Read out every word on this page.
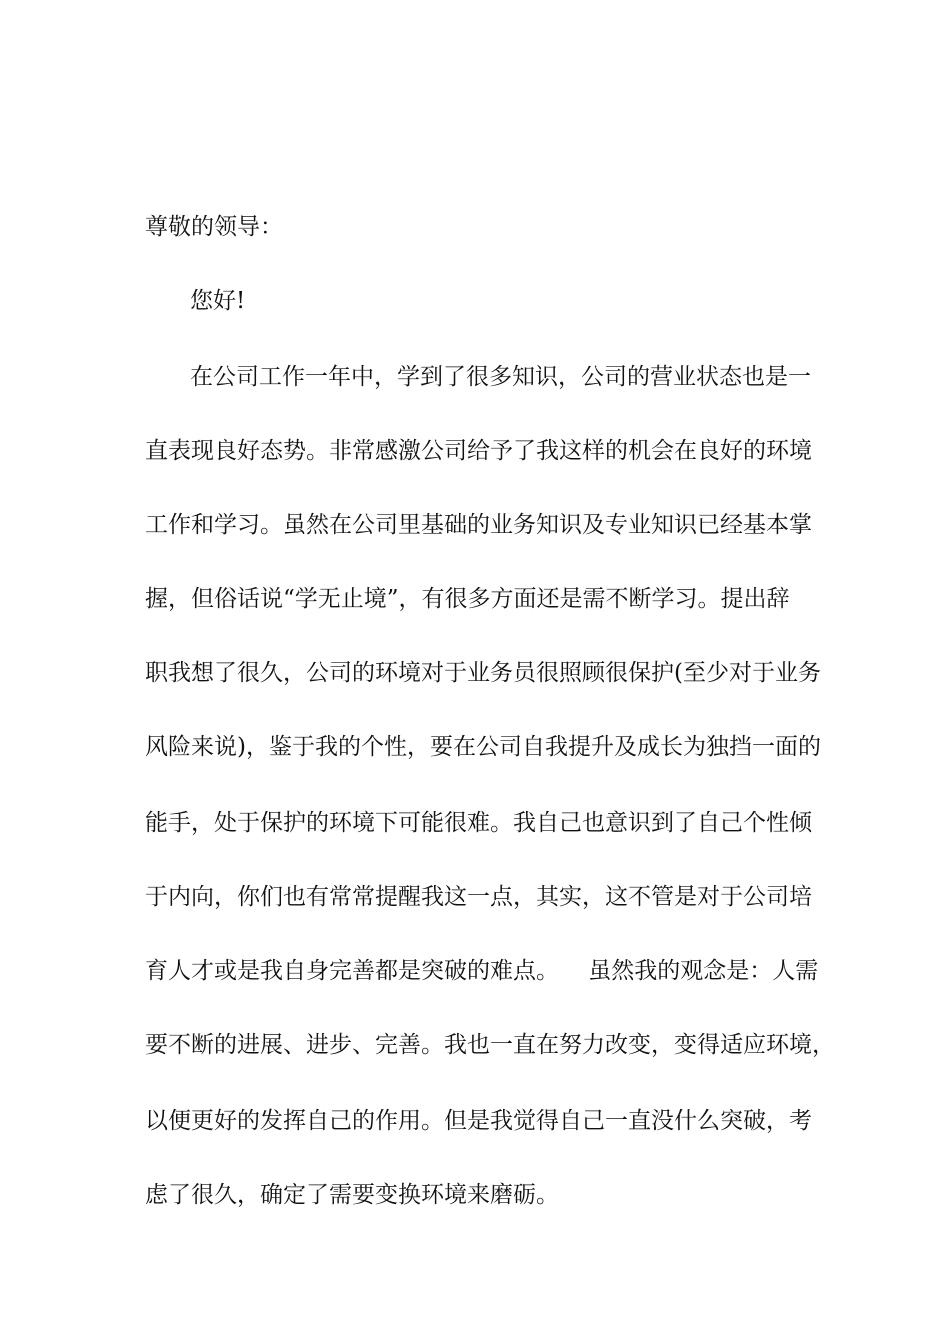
尊敬的领导：

您好!

在公司工作一年中，学到了很多知识，公司的营业状态也是一

直表现良好态势。非常感激公司给予了我这样的机会在良好的环境

工作和学习。虽然在公司里基础的业务知识及专业知识已经基本掌

握，但俗话说“学无止境”，有很多方面还是需不断学习。提出辞

职我想了很久，公司的环境对于业务员很照顾很保护(至少对于业务

风险来说)，鉴于我的个性，要在公司自我提升及成长为独挡一面的

能手，处于保护的环境下可能很难。我自己也意识到了自己个性倾

于内向，你们也有常常提醒我这一点，其实，这不管是对于公司培

育人才或是我自身完善都是突破的难点。    虽然我的观念是：人需

要不断的进展、进步、完善。我也一直在努力改变，变得适应环境，

以便更好的发挥自己的作用。但是我觉得自己一直没什么突破，考

虑了很久，确定了需要变换环境来磨砺。
